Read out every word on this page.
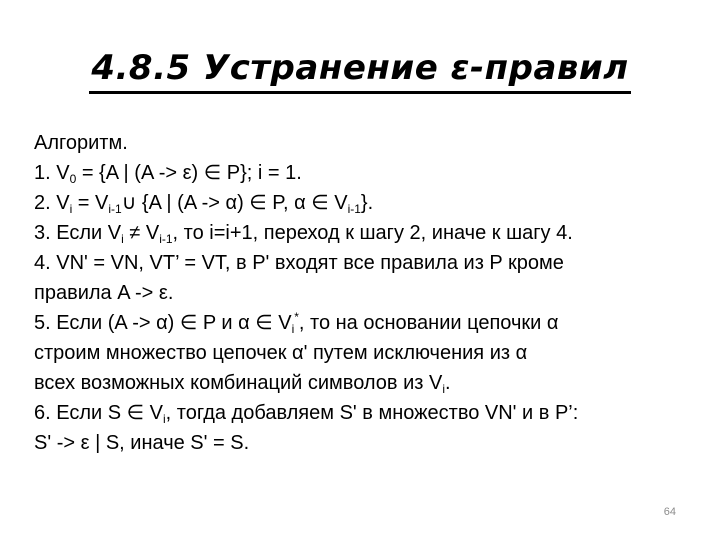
4.8.5 Устранение ε-правил
Алгоритм.
1. $V_0 = \{A$ | (A -> ε) ∈ P}; i = 1.
2. $V_i$ = $V_{i-1}\cup$ {A | (A -> α) ∈ P, α ∈ $V_{i-1}$}.
3. Если $V_i \ne V_{i-1}$, то i=i+1, переход к шагу 2, иначе к шагу 4.
4. VN' = VN, VT’ = VT, в P' входят все правила из P кроме
правила A -> ε.
5. Если (A -> α) ∈ P и α ∈ $V_i^*$, то на основании цепочки α
строим множество цепочек α' путем исключения из α
всех возможных комбинаций символов из $V_i$.
6. Если S ∈ $V_i$, тогда добавляем S' в множество VN' и в P’:
S' -> ε | S, иначе S' = S.
64
